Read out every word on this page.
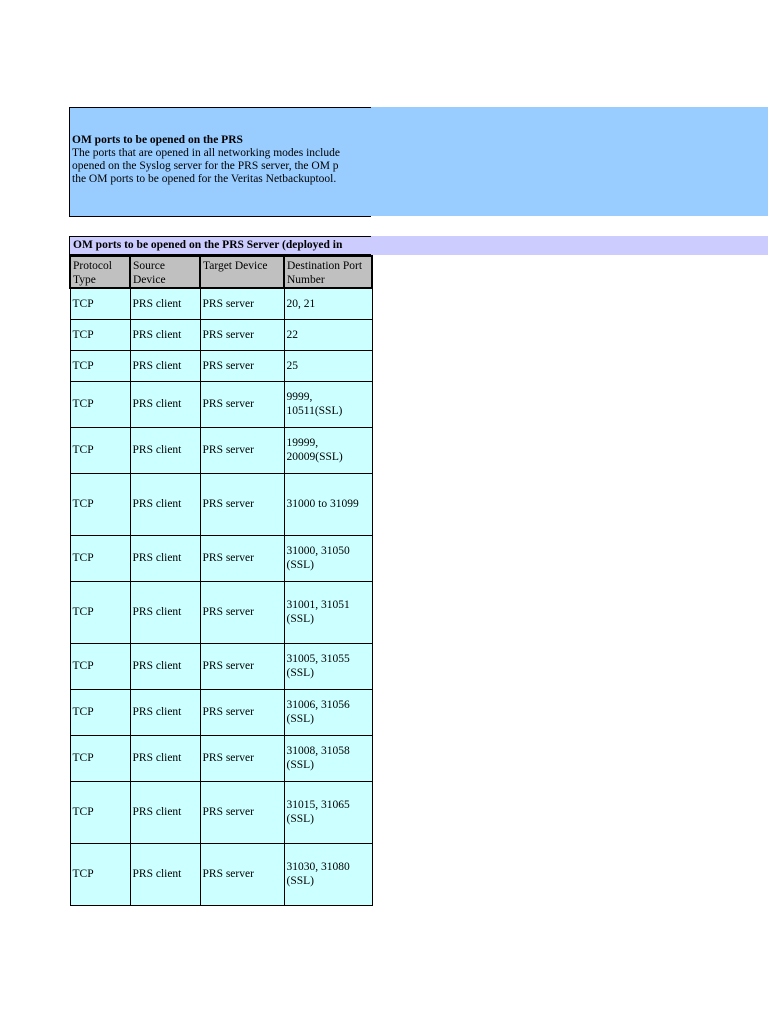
OM ports to be opened on the PRS
The ports that are opened in all networking modes include
opened on the Syslog server for the PRS server, the OM p
the OM ports to be opened for the Veritas Netbackuptool.
OM ports to be opened on the PRS Server (deployed in
Protocol Type	Source Device	Target Device	Destination Port Number
TCP	PRS client	PRS server	20, 21
TCP	PRS client	PRS server	22
TCP	PRS client	PRS server	25
TCP	PRS client	PRS server	9999, 10511(SSL)
TCP	PRS client	PRS server	19999, 20009(SSL)
TCP	PRS client	PRS server	31000 to 31099
TCP	PRS client	PRS server	31000, 31050 (SSL)
TCP	PRS client	PRS server	31001, 31051 (SSL)
TCP	PRS client	PRS server	31005, 31055 (SSL)
TCP	PRS client	PRS server	31006, 31056 (SSL)
TCP	PRS client	PRS server	31008, 31058 (SSL)
TCP	PRS client	PRS server	31015, 31065 (SSL)
TCP	PRS client	PRS server	31030, 31080 (SSL)
